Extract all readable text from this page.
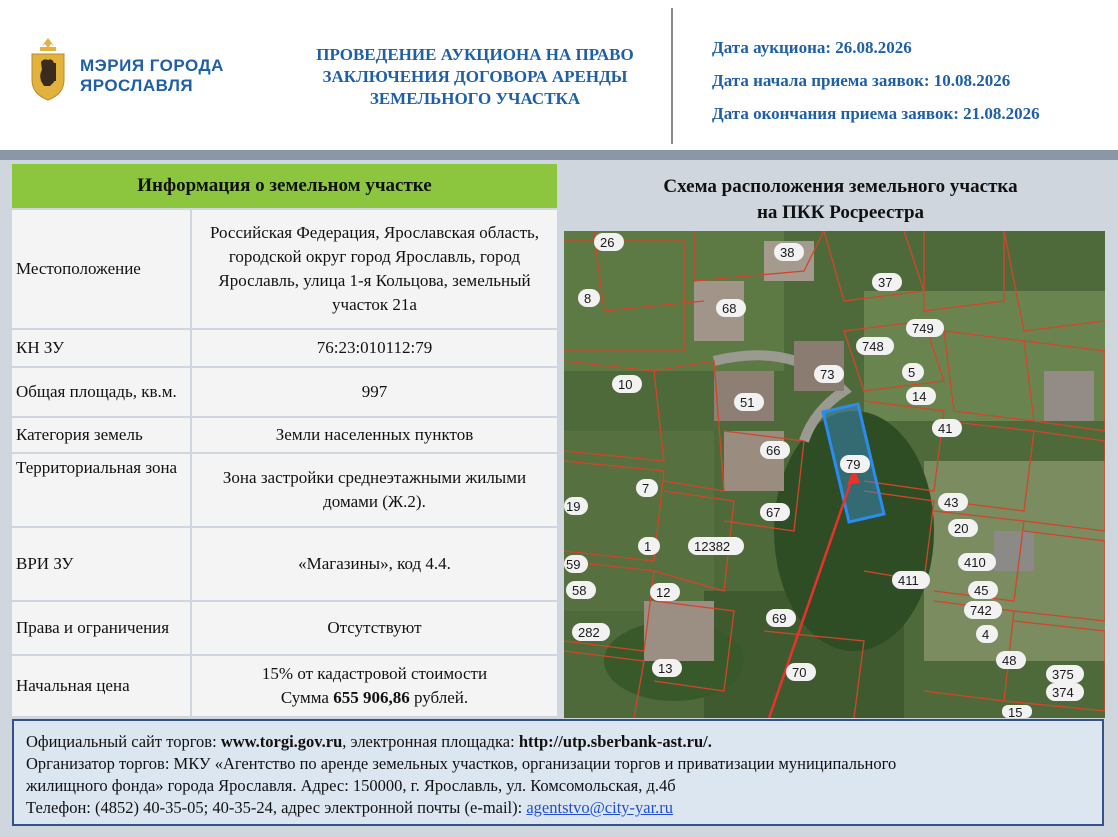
МЭРИЯ ГОРОДА
ЯРОСЛАВЛЯ
ПРОВЕДЕНИЕ АУКЦИОНА НА ПРАВО
ЗАКЛЮЧЕНИЯ ДОГОВОРА АРЕНДЫ
ЗЕМЕЛЬНОГО УЧАСТКА
Дата аукциона: 26.08.2026
Дата начала приема заявок: 10.08.2026
Дата окончания приема заявок: 21.08.2026
Информация о земельном участке	
Местоположение	Российская Федерация, Ярославская область, городской округ город Ярославль, город Ярославль, улица 1-я Кольцова, земельный участок 21а
КН ЗУ	76:23:010112:79
Общая площадь, кв.м.	997
Категория земель	Земли населенных пунктов
Территориальная зона	Зона застройки среднеэтажными жилыми домами (Ж.2).
ВРИ ЗУ	«Магазины», код 4.4.
Права и ограничения	Отсутствуют
Начальная цена	15% от кадастровой стоимости
Сумма 655 906,86 рублей.
Схема расположения земельного участка
на ПКК Росреестра
26
38
8
37
68
749
748
73	5
10
51	14
41
66
79
7
43
19	67
20
1	12382
410
59
411
58	12	45
282
69
742
4
13	70
48
375
374
15
Официальный сайт торгов: www.torgi.gov.ru, электронная площадка: http://utp.sberbank-ast.ru/.
Организатор торгов: МКУ «Агентство по аренде земельных участков, организации торгов и приватизации муниципального
жилищного фонда» города Ярославля. Адрес: 150000, г. Ярославль, ул. Комсомольская, д.4б
Телефон: (4852) 40-35-05; 40-35-24, адрес электронной почты (e-mail): agentstvo@city-yar.ru
